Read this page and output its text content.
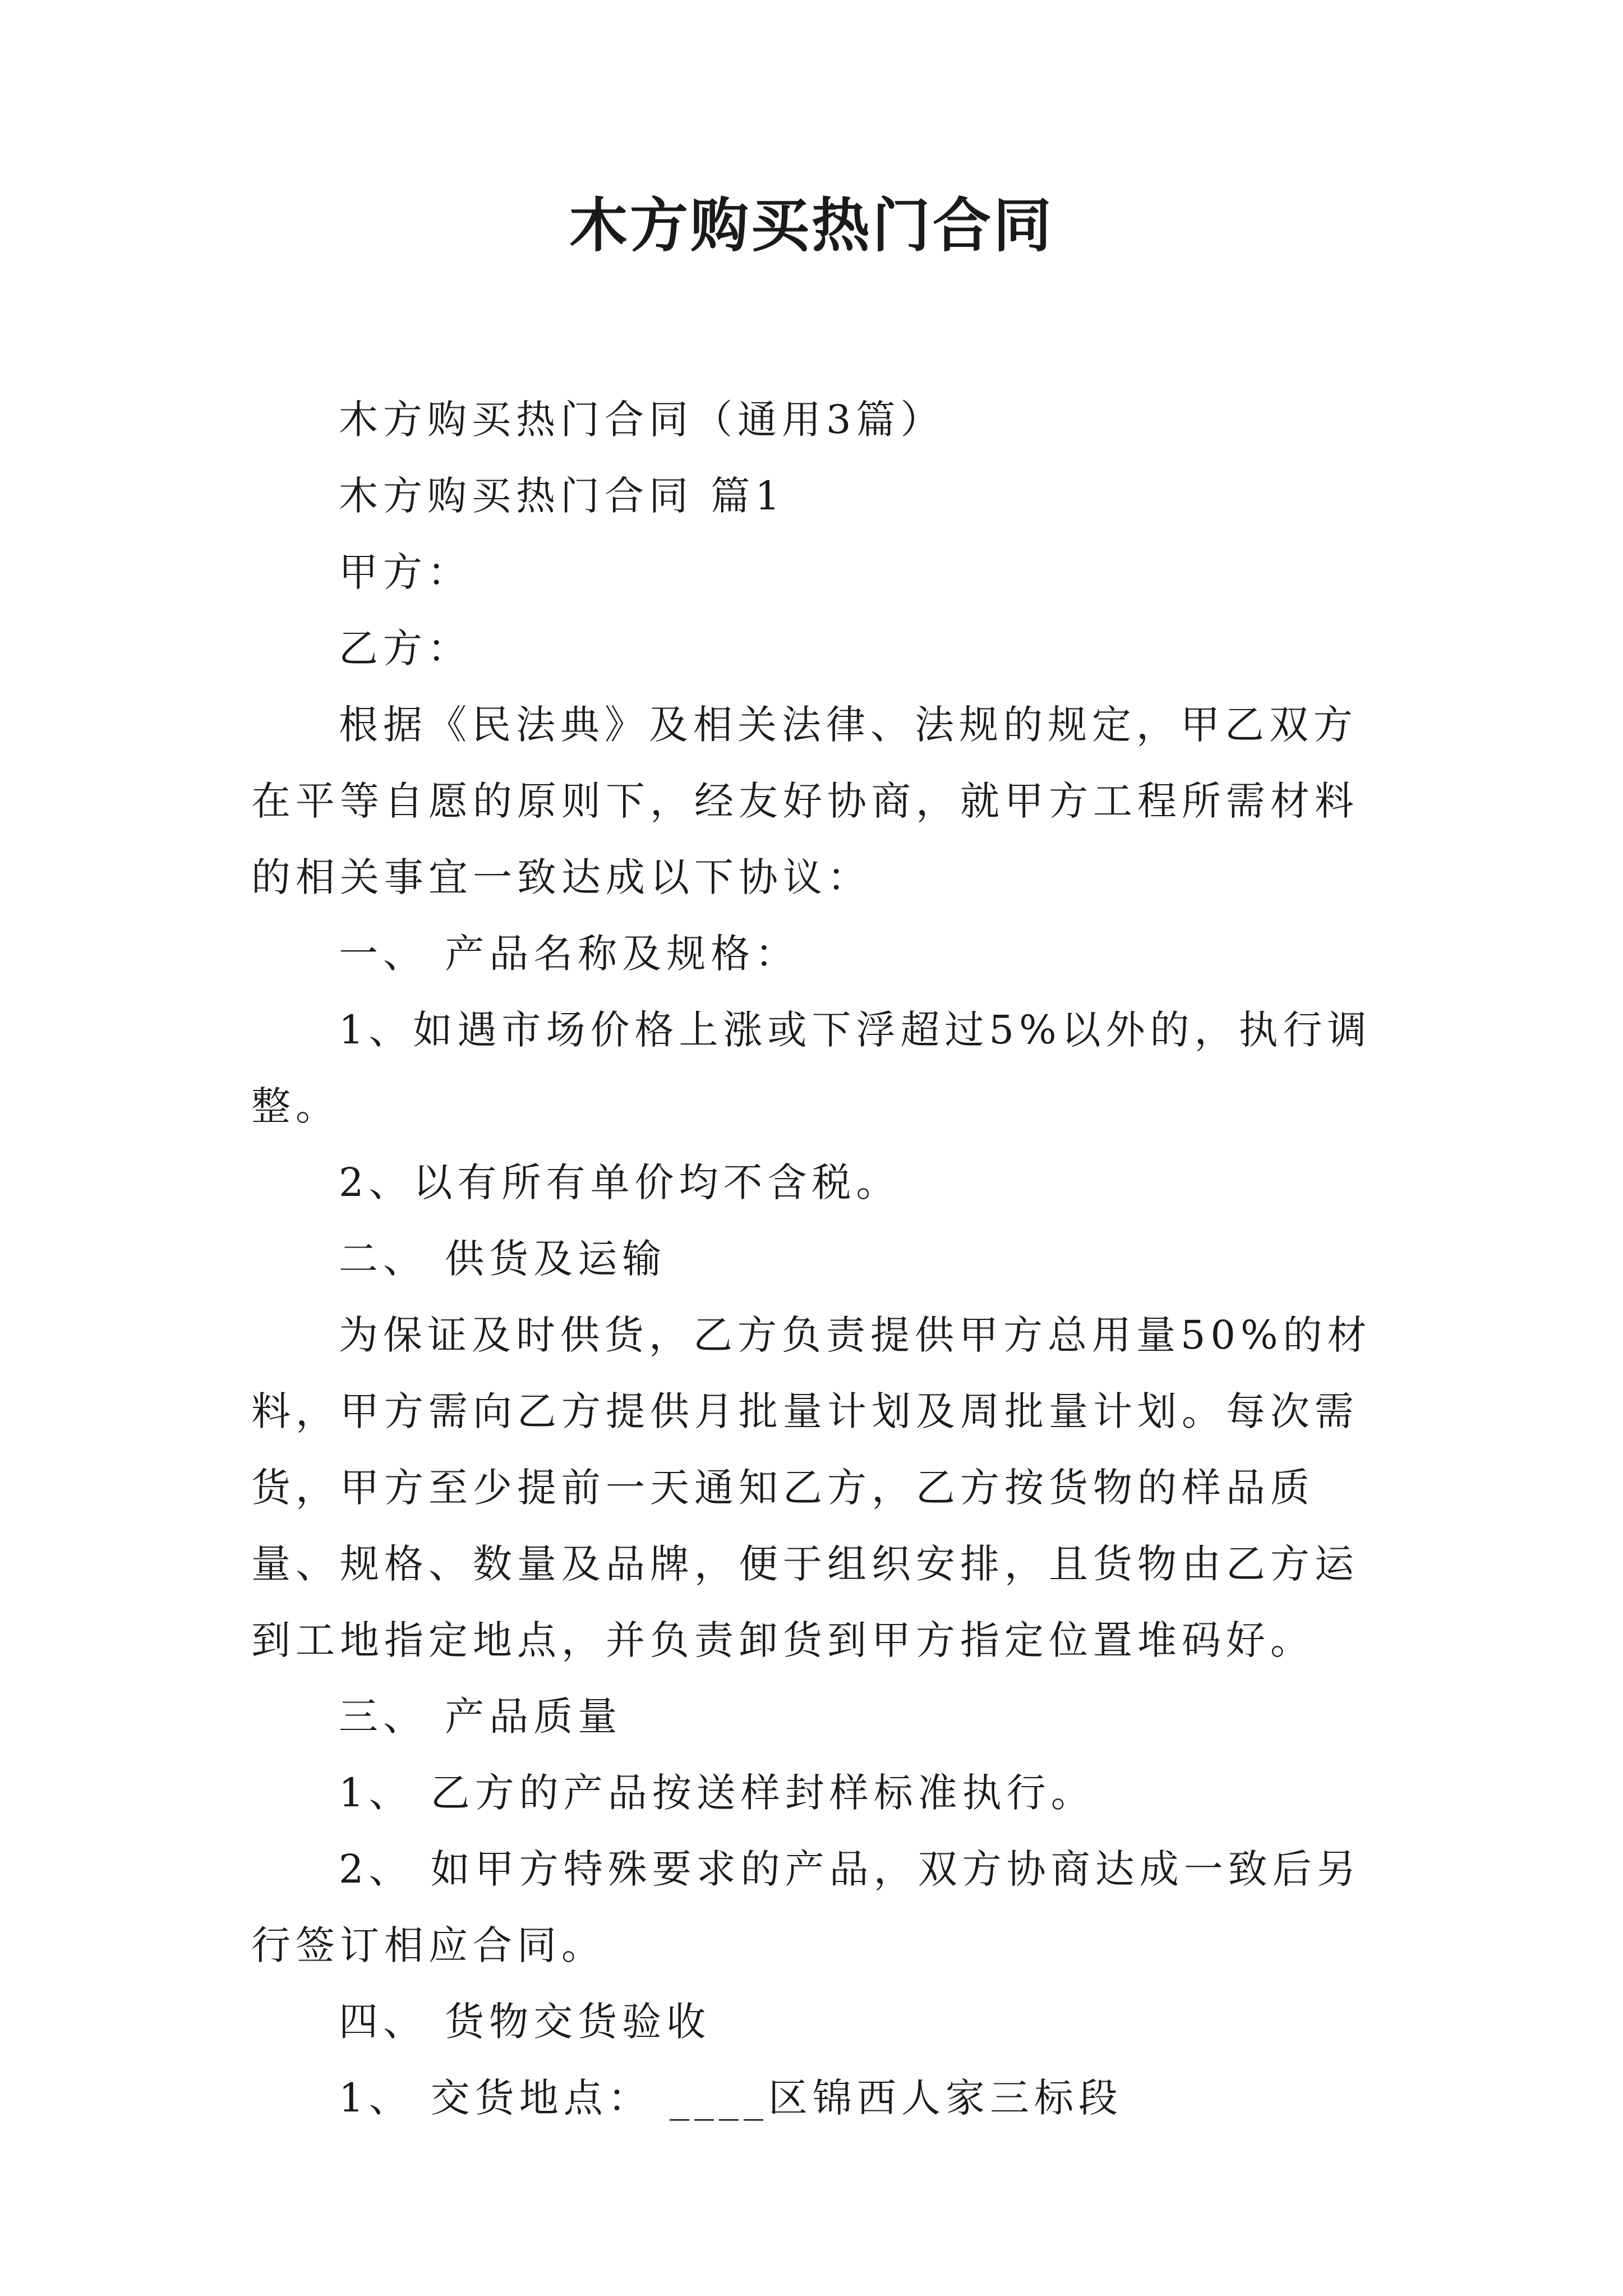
木方购买热门合同

木方购买热门合同（通用3篇）

木方购买热门合同 篇1

甲方：

乙方：

根据《民法典》及相关法律、法规的规定，甲乙双方在平等自愿的原则下，经友好协商，就甲方工程所需材料的相关事宜一致达成以下协议：

一、 产品名称及规格：

1、如遇市场价格上涨或下浮超过5%以外的，执行调整。

2、以有所有单价均不含税。

二、 供货及运输

为保证及时供货，乙方负责提供甲方总用量50%的材料，甲方需向乙方提供月批量计划及周批量计划。每次需货，甲方至少提前一天通知乙方，乙方按货物的样品质量、规格、数量及品牌，便于组织安排，且货物由乙方运到工地指定地点，并负责卸货到甲方指定位置堆码好。

三、 产品质量

1、 乙方的产品按送样封样标准执行。

2、 如甲方特殊要求的产品，双方协商达成一致后另行签订相应合同。

四、 货物交货验收

1、 交货地点： ____区锦西人家三标段
